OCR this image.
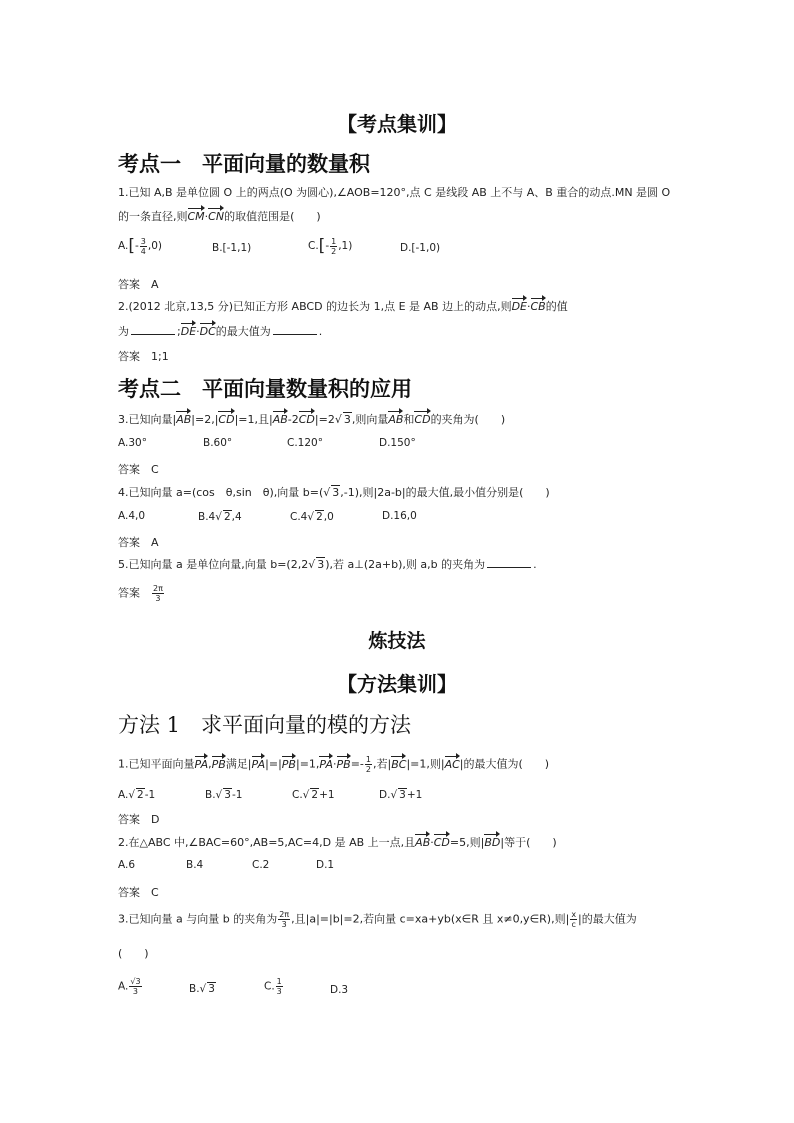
【考点集训】
考点一　平面向量的数量积
1.已知 A,B 是单位圆 O 上的两点(O 为圆心),∠AOB=120°,点 C 是线段 AB 上不与 A、B 重合的动点.MN 是圆 O
的一条直径,则CM·CN的取值范围是(　　)
$A.[- \frac{3}{4} ,0)$	B.[-1,1)	$C.[- \frac{1}{2} ,1)$	D.[-1,0)
答案　 A
2.(2012 北京,13,5 分)已知正方形 ABCD 的边长为 1,点 E 是 AB 边上的动点,则DE·CB的值
为	;DE·DC的最大值为	.
答案　 1;1
考点二　平面向量数量积的应用
3.已知向量|AB|=2,|CD|=1,且|AB-2CD|=2√ 3,则向量AB和CD的夹角为(　　)
A.30°	B.60°	C.120°	D.150°
答案　 C
4.已知向量 a=(cos　θ,sin　θ),向量 b=(√ 3,-1),则|2a-b|的最大值,最小值分别是(　　)
A.4,0	B.4√ 2,4	C.4√ 2,0	D.16,0
答案　 A
5.已知向量 a 是单位向量,向量 b=(2,2√ 3),若 a⊥(2a+b),则 a,b 的夹角为	.
答案　 $\frac{2\pi}{3}$
炼技法
【方法集训】
方法 1　求平面向量的模的方法
1.已知平面向量PA,PB满足$|PA|=|PB|=1,PA\cdot PB=- \frac{1}{2}$ ,若|BC|=1,则|AC|的最大值为(　　)
A.√ 2-1	B.√ 3-1	C.√ 2+1	D.√ 3+1
答案　 D
2.在△ABC 中,∠BAC=60°,AB=5,AC=4,D 是 AB 上一点,且AB·CD=5,则|BD|等于(　　)
A.6	B.4	C.2	D.1
答案　 C
3.已知向量 a 与向量 b 的夹角为 $\frac{2\pi}{3}$ ,且|a|=|b|=2,若向量 c=xa+yb(x∈R 且 x≠0,y∈R),则| $\frac{x}{c}$ |的最大值为
(　　)
A. $\frac{√3}{3}$	B.√ 3	C. $\frac{1}{3}$	D.3
